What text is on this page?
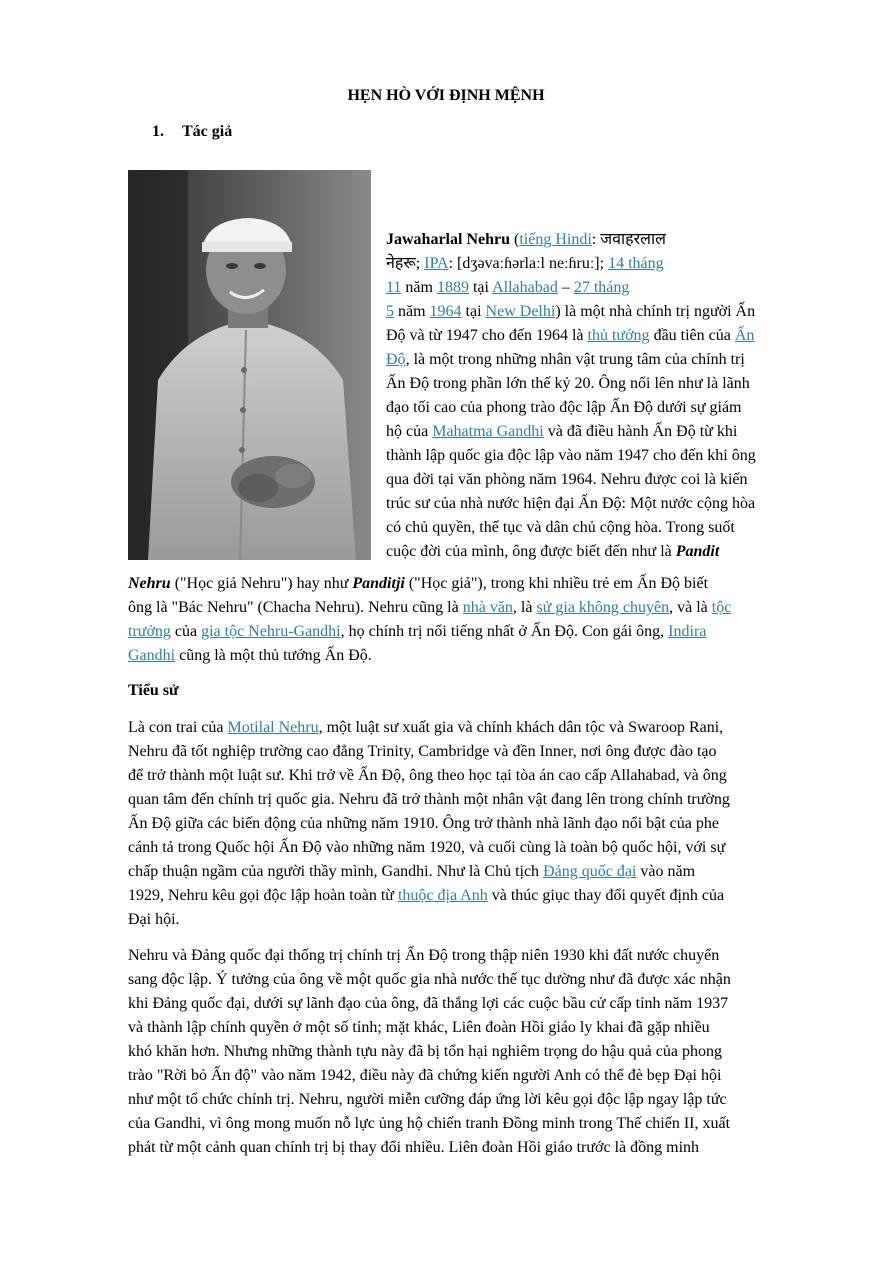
HẸN HÒ VỚI ĐỊNH MỆNH
1. Tác giả
Jawaharlal Nehru (tiếng Hindi: जवाहरलाल
नेहरू; IPA: [dʒəvaːɦərlaːl neːɦruː]; 14 tháng
11 năm 1889 tại Allahabad – 27 tháng
5 năm 1964 tại New Delhi) là một nhà chính trị người Ấn
Độ và từ 1947 cho đến 1964 là thủ tướng đầu tiên của Ấn
Độ, là một trong những nhân vật trung tâm của chính trị
Ấn Độ trong phần lớn thế kỷ 20. Ông nổi lên như là lãnh
đạo tối cao của phong trào độc lập Ấn Độ dưới sự giám
hộ của Mahatma Gandhi và đã điều hành Ấn Độ từ khi
thành lập quốc gia độc lập vào năm 1947 cho đến khi ông
qua đời tại văn phòng năm 1964. Nehru được coi là kiến
trúc sư của nhà nước hiện đại Ấn Độ: Một nước cộng hòa
có chủ quyền, thế tục và dân chủ cộng hòa. Trong suốt
cuộc đời của mình, ông được biết đến như là Pandit
Nehru ("Học giả Nehru") hay như Panditji ("Học giả"), trong khi nhiều trẻ em Ấn Độ biết
ông là "Bác Nehru" (Chacha Nehru). Nehru cũng là nhà văn, là sử gia không chuyên, và là tộc
trưởng của gia tộc Nehru-Gandhi, họ chính trị nổi tiếng nhất ở Ấn Độ. Con gái ông, Indira
Gandhi cũng là một thủ tướng Ấn Độ.
Tiểu sử
Là con trai của Motilal Nehru, một luật sư xuất gia và chính khách dân tộc và Swaroop Rani,
Nehru đã tốt nghiệp trường cao đẳng Trinity, Cambridge và đền Inner, nơi ông được đào tạo
để trở thành một luật sư. Khi trở về Ấn Độ, ông theo học tại tòa án cao cấp Allahabad, và ông
quan tâm đến chính trị quốc gia. Nehru đã trở thành một nhân vật đang lên trong chính trường
Ấn Độ giữa các biến động của những năm 1910. Ông trở thành nhà lãnh đạo nổi bật của phe
cánh tả trong Quốc hội Ấn Độ vào những năm 1920, và cuối cùng là toàn bộ quốc hội, với sự
chấp thuận ngầm của người thầy mình, Gandhi. Như là Chủ tịch Đảng quốc đại vào năm
1929, Nehru kêu gọi độc lập hoàn toàn từ thuộc địa Anh và thúc giục thay đổi quyết định của
Đại hội.
Nehru và Đảng quốc đại thống trị chính trị Ấn Độ trong thập niên 1930 khi đất nước chuyển
sang độc lập. Ý tưởng của ông về một quốc gia nhà nước thế tục dường như đã được xác nhận
khi Đảng quốc đại, dưới sự lãnh đạo của ông, đã thắng lợi các cuộc bầu cử cấp tỉnh năm 1937
và thành lập chính quyền ở một số tỉnh; mặt khác, Liên đoàn Hồi giáo ly khai đã gặp nhiều
khó khăn hơn. Nhưng những thành tựu này đã bị tổn hại nghiêm trọng do hậu quả của phong
trào "Rời bỏ Ấn độ" vào năm 1942, điều này đã chứng kiến người Anh có thể đè bẹp Đại hội
như một tổ chức chính trị. Nehru, người miễn cưỡng đáp ứng lời kêu gọi độc lập ngay lập tức
của Gandhi, vì ông mong muốn nỗ lực ủng hộ chiến tranh Đồng minh trong Thế chiến II, xuất
phát từ một cảnh quan chính trị bị thay đổi nhiều. Liên đoàn Hồi giáo trước là đồng minh
